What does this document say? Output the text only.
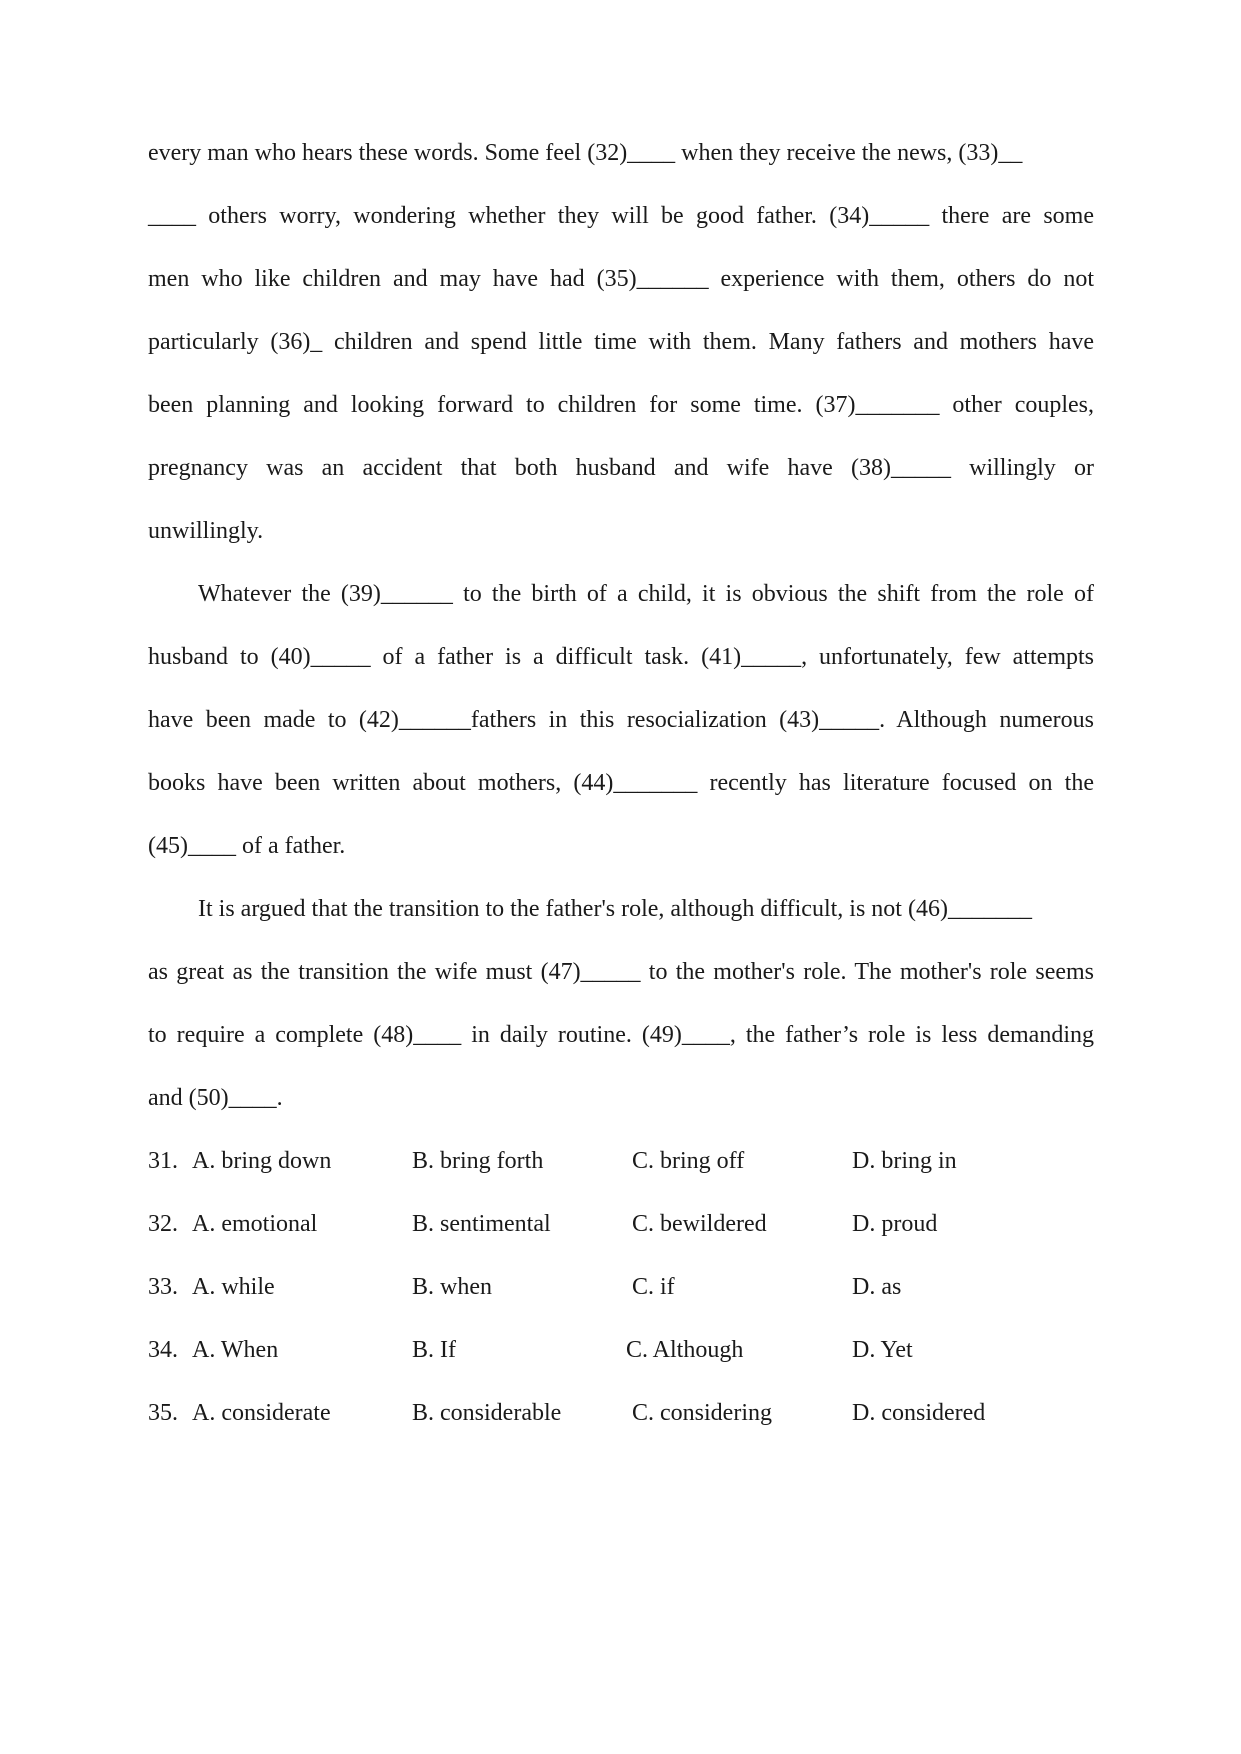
every man who hears these words. Some feel (32)____ when they receive the news, (33)__
____ others worry, wondering whether they will be good father. (34)_____ there are some
men who like children and may have had (35)______ experience with them, others do not
particularly (36)_ children and spend little time with them. Many fathers and mothers have
been planning and looking forward to children for some time. (37)_______ other couples,
pregnancy was an accident that both husband and wife have (38)_____ willingly or
unwillingly.
Whatever the (39)______ to the birth of a child, it is obvious the shift from the role of
husband to (40)_____ of a father is a difficult task. (41)_____, unfortunately, few attempts
have been made to (42)______fathers in this resocialization (43)_____. Although numerous
books have been written about mothers, (44)_______ recently has literature focused on the
(45)____ of a father.
It is argued that the transition to the father's role, although difficult, is not (46)_______
as great as the transition the wife must (47)_____ to the mother's role. The mother's role seems
to require a complete (48)____ in daily routine. (49)____, the father’s role is less demanding
and (50)____.
31. A. bring down	B. bring forth	C. bring off	D. bring in
32. A. emotional	B. sentimental	C. bewildered	D. proud
33. A. while	B. when	C. if	D. as
34. A. When	B. If	C. Although	D. Yet
35. A. considerate	B. considerable	C. considering	D. considered
